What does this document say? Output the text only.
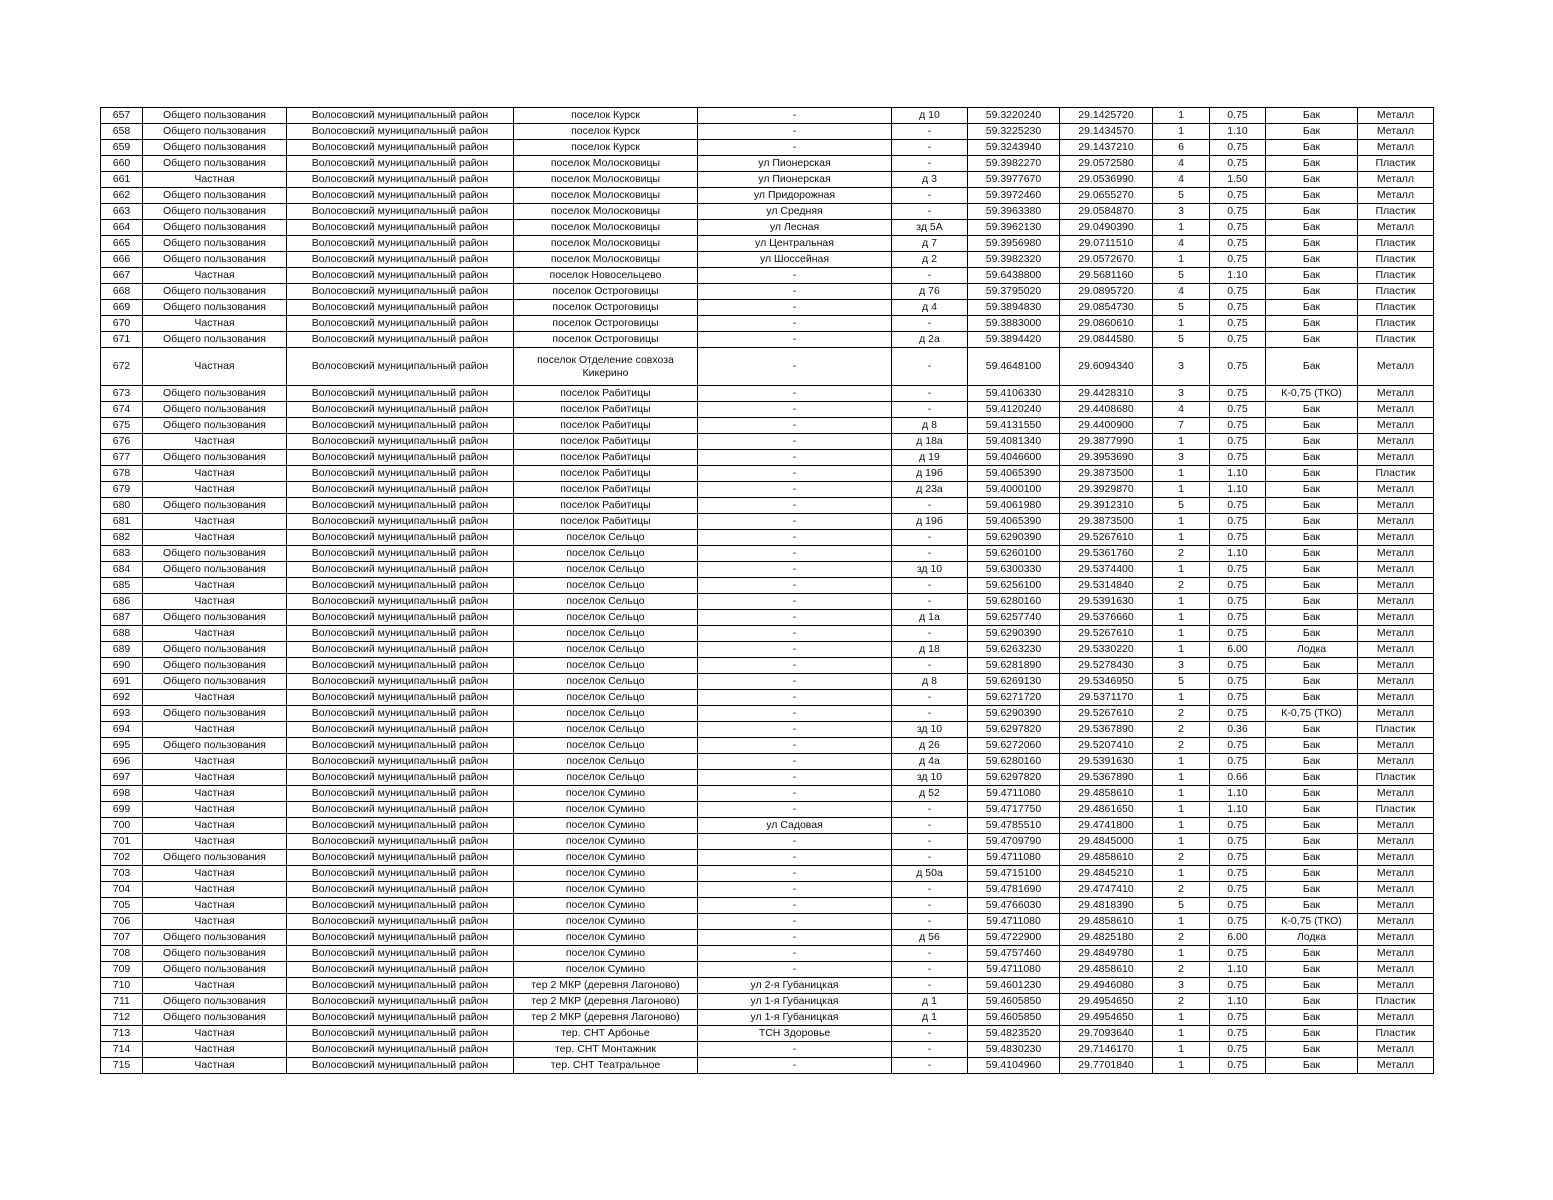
657	Общего пользования	Волосовский муниципальный район	поселок Курск	-	д 10	59.3220240	29.1425720	1	0.75	Бак	Металл
658	Общего пользования	Волосовский муниципальный район	поселок Курск	-	-	59.3225230	29.1434570	1	1.10	Бак	Металл
659	Общего пользования	Волосовский муниципальный район	поселок Курск	-	-	59.3243940	29.1437210	6	0.75	Бак	Металл
660	Общего пользования	Волосовский муниципальный район	поселок Молосковицы	ул Пионерская	-	59.3982270	29.0572580	4	0.75	Бак	Пластик
661	Частная	Волосовский муниципальный район	поселок Молосковицы	ул Пионерская	д 3	59.3977670	29.0536990	4	1.50	Бак	Металл
662	Общего пользования	Волосовский муниципальный район	поселок Молосковицы	ул Придорожная	-	59.3972460	29.0655270	5	0.75	Бак	Металл
663	Общего пользования	Волосовский муниципальный район	поселок Молосковицы	ул Средняя	-	59.3963380	29.0584870	3	0.75	Бак	Пластик
664	Общего пользования	Волосовский муниципальный район	поселок Молосковицы	ул Лесная	зд 5А	59.3962130	29.0490390	1	0.75	Бак	Металл
665	Общего пользования	Волосовский муниципальный район	поселок Молосковицы	ул Центральная	д 7	59.3956980	29.0711510	4	0.75	Бак	Пластик
666	Общего пользования	Волосовский муниципальный район	поселок Молосковицы	ул Шоссейная	д 2	59.3982320	29.0572670	1	0.75	Бак	Пластик
667	Частная	Волосовский муниципальный район	поселок Новосельцево	-	-	59.6438800	29.5681160	5	1.10	Бак	Пластик
668	Общего пользования	Волосовский муниципальный район	поселок Остроговицы	-	д 76	59.3795020	29.0895720	4	0.75	Бак	Пластик
669	Общего пользования	Волосовский муниципальный район	поселок Остроговицы	-	д 4	59.3894830	29.0854730	5	0.75	Бак	Пластик
670	Частная	Волосовский муниципальный район	поселок Остроговицы	-	-	59.3883000	29.0860610	1	0.75	Бак	Пластик
671	Общего пользования	Волосовский муниципальный район	поселок Остроговицы	-	д 2а	59.3894420	29.0844580	5	0.75	Бак	Пластик
672	Частная	Волосовский муниципальный район	поселок Отделение совхоза Кикерино	-	-	59.4648100	29.6094340	3	0.75	Бак	Металл
673	Общего пользования	Волосовский муниципальный район	поселок Рабитицы	-	-	59.4106330	29.4428310	3	0.75	К-0,75 (ТКО)	Металл
674	Общего пользования	Волосовский муниципальный район	поселок Рабитицы	-	-	59.4120240	29.4408680	4	0.75	Бак	Металл
675	Общего пользования	Волосовский муниципальный район	поселок Рабитицы	-	д 8	59.4131550	29.4400900	7	0.75	Бак	Металл
676	Частная	Волосовский муниципальный район	поселок Рабитицы	-	д 18а	59.4081340	29.3877990	1	0.75	Бак	Металл
677	Общего пользования	Волосовский муниципальный район	поселок Рабитицы	-	д 19	59.4046600	29.3953690	3	0.75	Бак	Металл
678	Частная	Волосовский муниципальный район	поселок Рабитицы	-	д 19б	59.4065390	29.3873500	1	1.10	Бак	Пластик
679	Частная	Волосовский муниципальный район	поселок Рабитицы	-	д 23а	59.4000100	29.3929870	1	1.10	Бак	Металл
680	Общего пользования	Волосовский муниципальный район	поселок Рабитицы	-	-	59.4061980	29.3912310	5	0.75	Бак	Металл
681	Частная	Волосовский муниципальный район	поселок Рабитицы	-	д 19б	59.4065390	29.3873500	1	0.75	Бак	Металл
682	Частная	Волосовский муниципальный район	поселок Сельцо	-	-	59.6290390	29.5267610	1	0.75	Бак	Металл
683	Общего пользования	Волосовский муниципальный район	поселок Сельцо	-	-	59.6260100	29.5361760	2	1.10	Бак	Металл
684	Общего пользования	Волосовский муниципальный район	поселок Сельцо	-	зд 10	59.6300330	29.5374400	1	0.75	Бак	Металл
685	Частная	Волосовский муниципальный район	поселок Сельцо	-	-	59.6256100	29.5314840	2	0.75	Бак	Металл
686	Частная	Волосовский муниципальный район	поселок Сельцо	-	-	59.6280160	29.5391630	1	0.75	Бак	Металл
687	Общего пользования	Волосовский муниципальный район	поселок Сельцо	-	д 1а	59.6257740	29.5376660	1	0.75	Бак	Металл
688	Частная	Волосовский муниципальный район	поселок Сельцо	-	-	59.6290390	29.5267610	1	0.75	Бак	Металл
689	Общего пользования	Волосовский муниципальный район	поселок Сельцо	-	д 18	59.6263230	29.5330220	1	6.00	Лодка	Металл
690	Общего пользования	Волосовский муниципальный район	поселок Сельцо	-	-	59.6281890	29.5278430	3	0.75	Бак	Металл
691	Общего пользования	Волосовский муниципальный район	поселок Сельцо	-	д 8	59.6269130	29.5346950	5	0.75	Бак	Металл
692	Частная	Волосовский муниципальный район	поселок Сельцо	-	-	59.6271720	29.5371170	1	0.75	Бак	Металл
693	Общего пользования	Волосовский муниципальный район	поселок Сельцо	-	-	59.6290390	29.5267610	2	0.75	К-0,75 (ТКО)	Металл
694	Частная	Волосовский муниципальный район	поселок Сельцо	-	зд 10	59.6297820	29.5367890	2	0.36	Бак	Пластик
695	Общего пользования	Волосовский муниципальный район	поселок Сельцо	-	д 26	59.6272060	29.5207410	2	0.75	Бак	Металл
696	Частная	Волосовский муниципальный район	поселок Сельцо	-	д 4а	59.6280160	29.5391630	1	0.75	Бак	Металл
697	Частная	Волосовский муниципальный район	поселок Сельцо	-	зд 10	59.6297820	29.5367890	1	0.66	Бак	Пластик
698	Частная	Волосовский муниципальный район	поселок Сумино	-	д 52	59.4711080	29.4858610	1	1.10	Бак	Металл
699	Частная	Волосовский муниципальный район	поселок Сумино	-	-	59.4717750	29.4861650	1	1.10	Бак	Пластик
700	Частная	Волосовский муниципальный район	поселок Сумино	ул Садовая	-	59.4785510	29.4741800	1	0.75	Бак	Металл
701	Частная	Волосовский муниципальный район	поселок Сумино	-	-	59.4709790	29.4845000	1	0.75	Бак	Металл
702	Общего пользования	Волосовский муниципальный район	поселок Сумино	-	-	59.4711080	29.4858610	2	0.75	Бак	Металл
703	Частная	Волосовский муниципальный район	поселок Сумино	-	д 50а	59.4715100	29.4845210	1	0.75	Бак	Металл
704	Частная	Волосовский муниципальный район	поселок Сумино	-	-	59.4781690	29.4747410	2	0.75	Бак	Металл
705	Частная	Волосовский муниципальный район	поселок Сумино	-	-	59.4766030	29.4818390	5	0.75	Бак	Металл
706	Частная	Волосовский муниципальный район	поселок Сумино	-	-	59.4711080	29.4858610	1	0.75	К-0,75 (ТКО)	Металл
707	Общего пользования	Волосовский муниципальный район	поселок Сумино	-	д 56	59.4722900	29.4825180	2	6.00	Лодка	Металл
708	Общего пользования	Волосовский муниципальный район	поселок Сумино	-	-	59.4757460	29.4849780	1	0.75	Бак	Металл
709	Общего пользования	Волосовский муниципальный район	поселок Сумино	-	-	59.4711080	29.4858610	2	1.10	Бак	Металл
710	Частная	Волосовский муниципальный район	тер 2 МКР (деревня Лагоново)	ул 2-я Губаницкая	-	59.4601230	29.4946080	3	0.75	Бак	Металл
711	Общего пользования	Волосовский муниципальный район	тер 2 МКР (деревня Лагоново)	ул 1-я Губаницкая	д 1	59.4605850	29.4954650	2	1.10	Бак	Пластик
712	Общего пользования	Волосовский муниципальный район	тер 2 МКР (деревня Лагоново)	ул 1-я Губаницкая	д 1	59.4605850	29.4954650	1	0.75	Бак	Металл
713	Частная	Волосовский муниципальный район	тер. СНТ Арбоньe	ТСН Здоровье	-	59.4823520	29.7093640	1	0.75	Бак	Пластик
714	Частная	Волосовский муниципальный район	тер. СНТ Монтажник	-	-	59.4830230	29.7146170	1	0.75	Бак	Металл
715	Частная	Волосовский муниципальный район	тер. СНТ Театральное	-	-	59.4104960	29.7701840	1	0.75	Бак	Металл
